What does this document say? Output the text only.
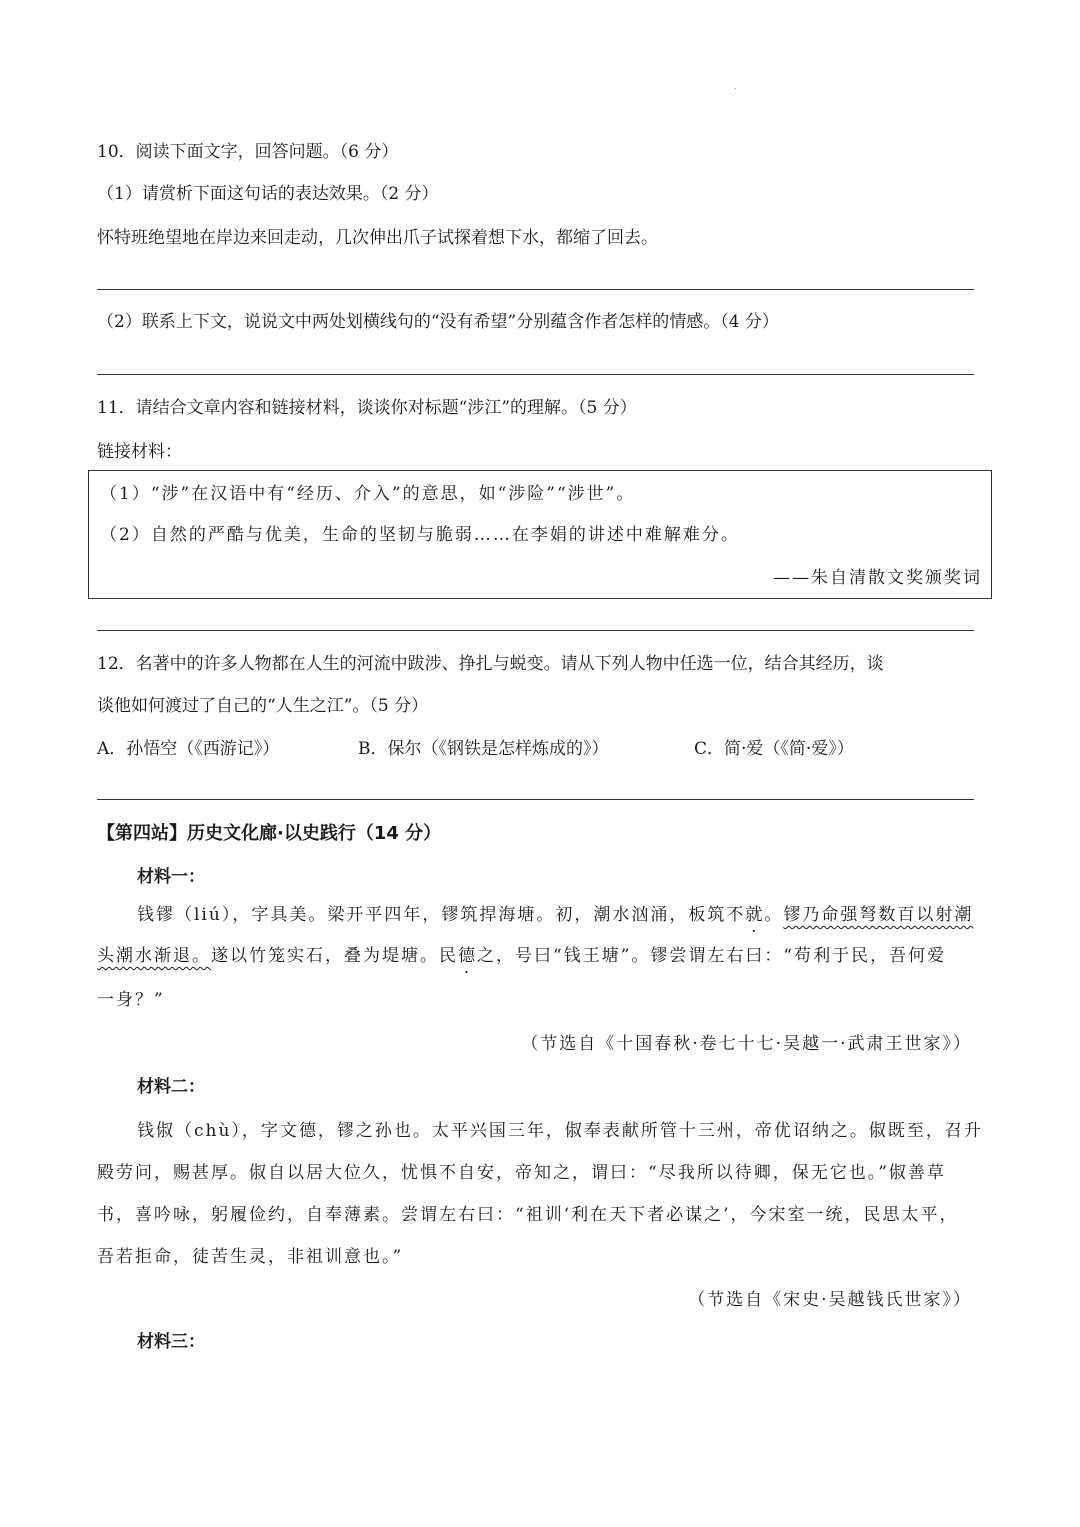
·
10．阅读下面文字，回答问题。（6 分）
（1）请赏析下面这句话的表达效果。（2 分）
怀特班绝望地在岸边来回走动，几次伸出爪子试探着想下水，都缩了回去。
（2）联系上下文，说说文中两处划横线句的“没有希望”分别蕴含作者怎样的情感。（4 分）
11．请结合文章内容和链接材料，谈谈你对标题“涉江”的理解。（5 分）
链接材料：
（1）“涉”在汉语中有“经历、介入”的意思，如“涉险”“涉世”。
（2）自然的严酷与优美，生命的坚韧与脆弱……在李娟的讲述中难解难分。
——朱自清散文奖颁奖词
12．名著中的许多人物都在人生的河流中跋涉、挣扎与蜕变。请从下列人物中任选一位，结合其经历，谈
谈他如何渡过了自己的“人生之江”。（5 分）
A．孙悟空（《西游记》）	B．保尔（《钢铁是怎样炼成的》）	C．简·爱（《简·爱》）
【第四站】历史文化廊·以史践行（14 分）
材料一：
钱镠（liú），字具美。梁开平四年，镠筑捍海塘。初，潮水汹涌，板筑不就。镠乃命强弩数百以射潮
头潮水渐退。遂以竹笼实石，叠为堤塘。民德之，号曰“钱王塘”。镠尝谓左右曰：“苟利于民，吾何爱
一身？”
（节选自《十国春秋·卷七十七·吴越一·武肃王世家》）
材料二：
钱俶（chù），字文德，镠之孙也。太平兴国三年，俶奉表献所管十三州，帝优诏纳之。俶既至，召升
殿劳问，赐甚厚。俶自以居大位久，忧惧不自安，帝知之，谓曰：“尽我所以待卿，保无它也。”俶善草
书，喜吟咏，躬履俭约，自奉薄素。尝谓左右曰：“祖训‘利在天下者必谋之’，今宋室一统，民思太平，
吾若拒命，徒苦生灵，非祖训意也。”
（节选自《宋史·吴越钱氏世家》）
材料三：
